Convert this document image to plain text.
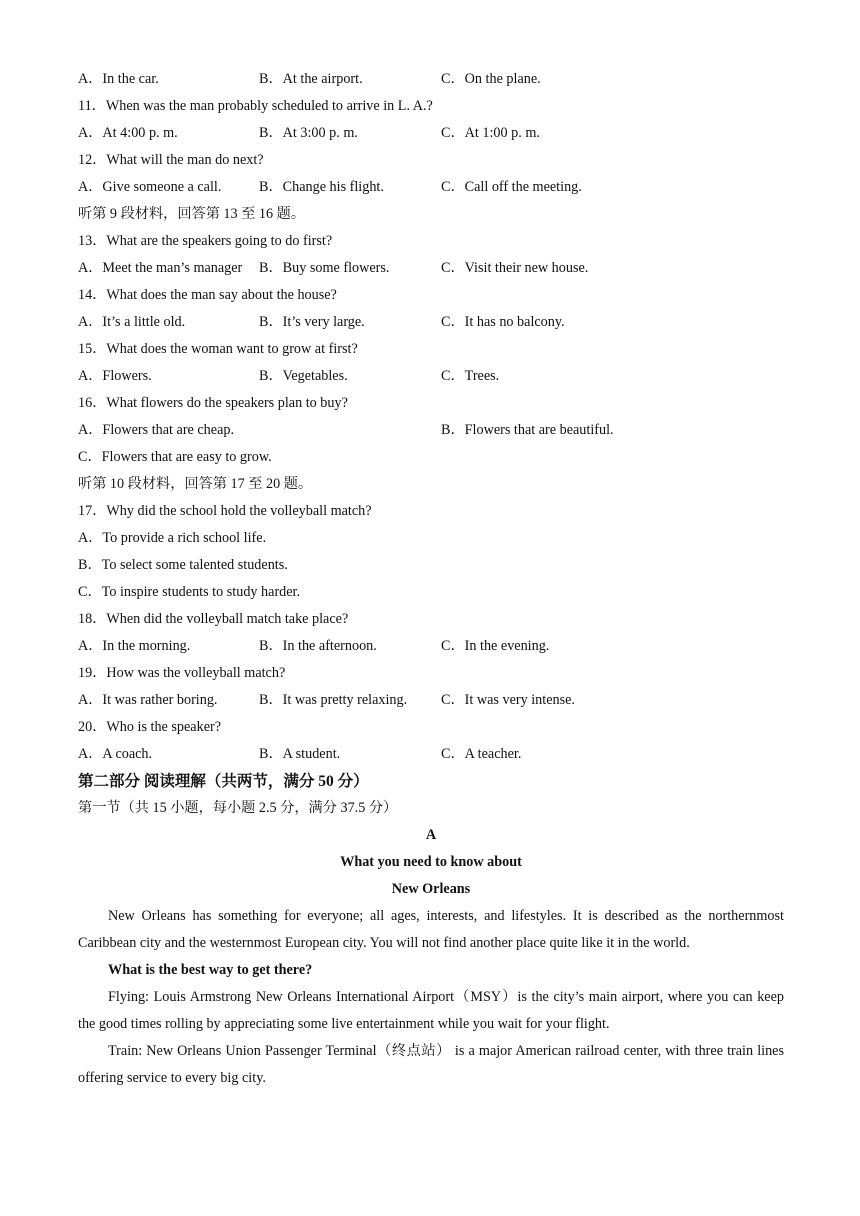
A．In the car.	B．At the airport.	C．On the plane.
11．When was the man probably scheduled to arrive in L. A.?
A．At 4:00 p. m.	B．At 3:00 p. m.	C．At 1:00 p. m.
12．What will the man do next?
A．Give someone a call.	B．Change his flight.	C．Call off the meeting.
听第 9 段材料，回答第 13 至 16 题。
13．What are the speakers going to do first?
A．Meet the man’s manager B．Buy some flowers.	C．Visit their new house.
14．What does the man say about the house?
A．It’s a little old.	B．It’s very large.	C．It has no balcony.
15．What does the woman want to grow at first?
A．Flowers.	B．Vegetables.	C．Trees.
16．What flowers do the speakers plan to buy?
A．Flowers that are cheap.	B．Flowers that are beautiful.
C．Flowers that are easy to grow.
听第 10 段材料，回答第 17 至 20 题。
17．Why did the school hold the volleyball match?
A．To provide a rich school life.
B．To select some talented students.
C．To inspire students to study harder.
18．When did the volleyball match take place?
A．In the morning.	B．In the afternoon.	C．In the evening.
19．How was the volleyball match?
A．It was rather boring.	B．It was pretty relaxing. C．It was very intense.
20．Who is the speaker?
A．A coach.	B．A student.	C．A teacher.
第二部分 阅读理解（共两节，满分 50 分）
第一节（共 15 小题，每小题 2.5 分，满分 37.5 分）
A
What you need to know about
New Orleans

New Orleans has something for everyone; all ages, interests, and lifestyles. It is described as the northernmost Caribbean city and the westernmost European city. You will not find another place quite like it in the world.

What is the best way to get there?

Flying: Louis Armstrong New Orleans International Airport（MSY）is the city’s main airport, where you can keep the good times rolling by appreciating some live entertainment while you wait for your flight.

Train: New Orleans Union Passenger Terminal（终点站） is a major American railroad center, with three train lines offering service to every big city.
